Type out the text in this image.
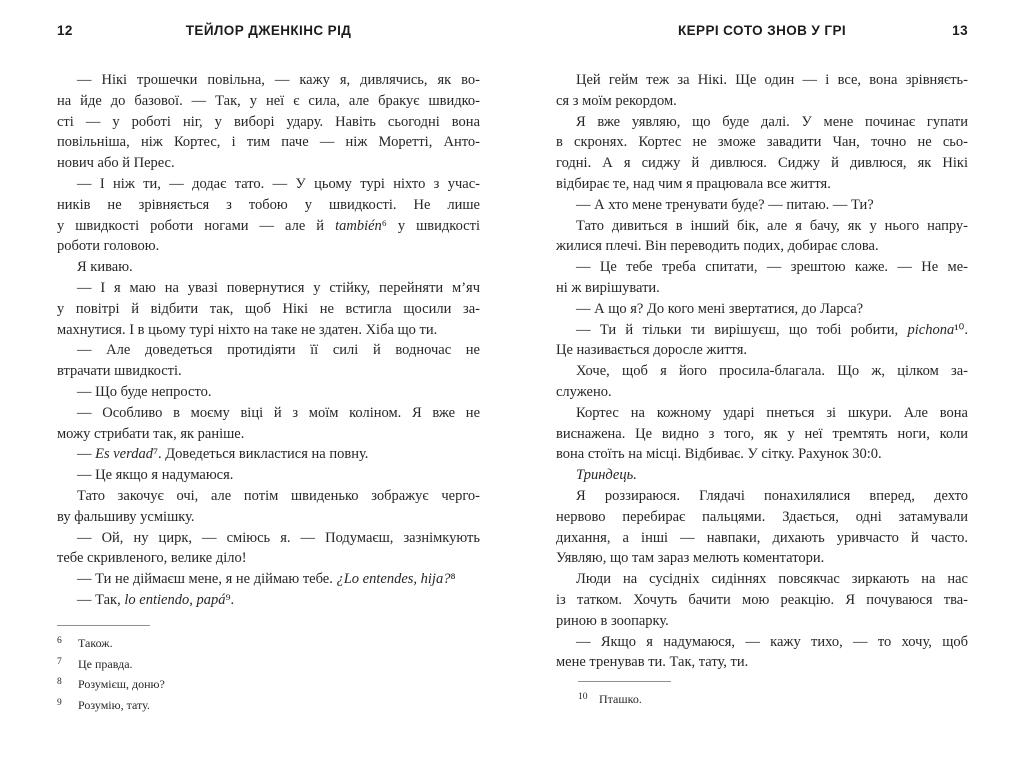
12	ТЕЙЛОР ДЖЕНКІНС РІД
— Нікі трошечки повільна, — кажу я, дивлячись, як во-
на йде до базової. — Так, у неї є сила, але бракує швидко-
сті — у роботі ніг, у виборі удару. Навіть сьогодні вона
повільніша, ніж Кортес, і тим паче — ніж Моретті, Анто-
нович або й Перес.
— І ніж ти, — додає тато. — У цьому турі ніхто з учас-
ників не зрівняється з тобою у швидкості. Не лише
у швидкості роботи ногами — але й también⁶ у швидкості
роботи головою.
Я киваю.
— І я маю на увазі повернутися у стійку, перейняти м’яч
у повітрі й відбити так, щоб Нікі не встигла щосили за-
махнутися. І в цьому турі ніхто на таке не здатен. Хіба що ти.
— Але доведеться протидіяти її силі й водночас не
втрачати швидкості.
— Що буде непросто.
— Особливо в моєму віці й з моїм коліном. Я вже не
можу стрибати так, як раніше.
— Es verdad⁷. Доведеться викластися на повну.
— Це якщо я надумаюся.
Тато закочує очі, але потім швиденько зображує черго-
ву фальшиву усмішку.
— Ой, ну цирк, — сміюсь я. — Подумаєш, зазнімкують
тебе скривленого, велике діло!
— Ти не діймаєш мене, я не діймаю тебе. ¿Lo entendes, hija?⁸
— Так, lo entiendo, papá⁹.
6 Також.
7 Це правда.
8 Розумієш, доню?
9 Розумію, тату.
КЕРРІ СОТО ЗНОВ У ГРІ	13
Цей гейм теж за Нікі. Ще один — і все, вона зрівняєть-
ся з моїм рекордом.
Я вже уявляю, що буде далі. У мене починає гупати
в скронях. Кортес не зможе завадити Чан, точно не сьо-
годні. А я сиджу й дивлюся. Сиджу й дивлюся, як Нікі
відбирає те, над чим я працювала все життя.
— А хто мене тренувати буде? — питаю. — Ти?
Тато дивиться в інший бік, але я бачу, як у нього напру-
жилися плечі. Він переводить подих, добирає слова.
— Це тебе треба спитати, — зрештою каже. — Не ме-
ні ж вирішувати.
— А що я? До кого мені звертатися, до Ларса?
— Ти й тільки ти вирішуєш, що тобі робити, pichona¹⁰.
Це називається доросле життя.
Хоче, щоб я його просила-благала. Що ж, цілком за-
служено.
Кортес на кожному ударі пнеться зі шкури. Але вона
виснажена. Це видно з того, як у неї тремтять ноги, коли
вона стоїть на місці. Відбиває. У сітку. Рахунок 30:0.
Триндець.
Я роззираюся. Глядачі понахилялися вперед, дехто
нервово перебирає пальцями. Здається, одні затамували
дихання, а інші — навпаки, дихають уривчасто й часто.
Уявляю, що там зараз мелють коментатори.
Люди на сусідніх сидіннях повсякчас зиркають на нас
із татком. Хочуть бачити мою реакцію. Я почуваюся тва-
риною в зоопарку.
— Якщо я надумаюся, — кажу тихо, — то хочу, щоб
мене тренував ти. Так, тату, ти.
10 Пташко.
